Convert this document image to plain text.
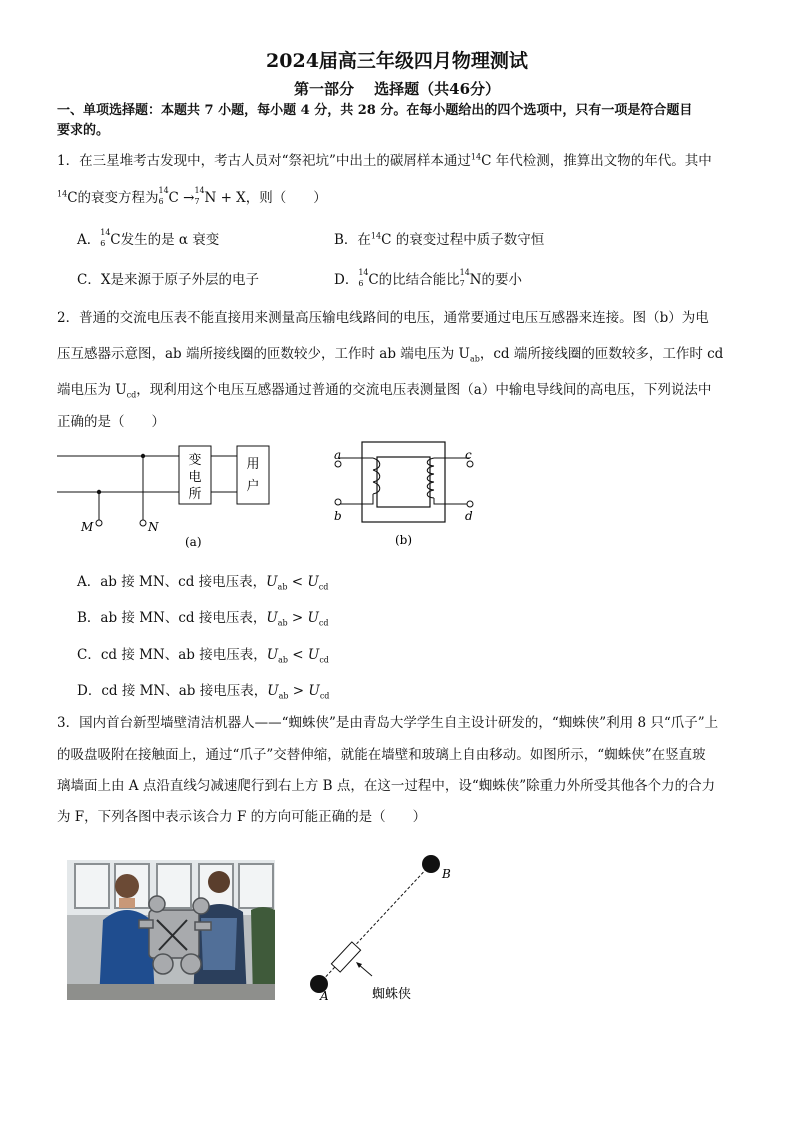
2024届高三年级四月物理测试
第一部分　 选择题（共46分）
一、单项选择题：本题共 7 小题，每小题 4 分，共 28 分。在每小题给出的四个选项中，只有一项是符合题目
要求的。
1．在三星堆考古发现中，考古人员对“祭祀坑”中出土的碳屑样本通过$^{14}$C 年代检测，推算出文物的年代。其中
$^{14}$C的衰变方程为 14
6 C → 14
7 N + X，则（　　）
A． 14
6 C发生的是 α 衰变	B．在$^{14}$C 的衰变过程中质子数守恒
C．X是来源于原子外层的电子	D． 14
6 C的比结合能比 14
7 N的要小
2．普通的交流电压表不能直接用来测量高压输电线路间的电压，通常要通过电压互感器来连接。图（b）为电
压互感器示意图，ab 端所接线圈的匝数较少，工作时 ab 端电压为 $U_{ab}$，cd 端所接线圈的匝数较多，工作时 cd
端电压为 $U_{cd}$，现利用这个电压互感器通过普通的交流电压表测量图（a）中输电导线间的高电压，下列说法中
正确的是（　　）
变
电
所
用
户
M	N
(a)
a
b
c
d
(b)
A．ab 接 MN、cd 接电压表，$U_{ab} < U_{cd}$
B．ab 接 MN、cd 接电压表，$U_{ab} > U_{cd}$
C．cd 接 MN、ab 接电压表，$U_{ab} < U_{cd}$
D．cd 接 MN、ab 接电压表，$U_{ab} > U_{cd}$
3．国内首台新型墙壁清洁机器人——“蜘蛛侠”是由青岛大学学生自主设计研发的，“蜘蛛侠”利用 8 只“爪子”上
的吸盘吸附在接触面上，通过“爪子”交替伸缩，就能在墙壁和玻璃上自由移动。如图所示，“蜘蛛侠”在竖直玻
璃墙面上由 A 点沿直线匀减速爬行到右上方 B 点，在这一过程中，设“蜘蛛侠”除重力外所受其他各个力的合力
为 F，下列各图中表示该合力 F 的方向可能正确的是（　　）
A
B
蜘蛛侠
